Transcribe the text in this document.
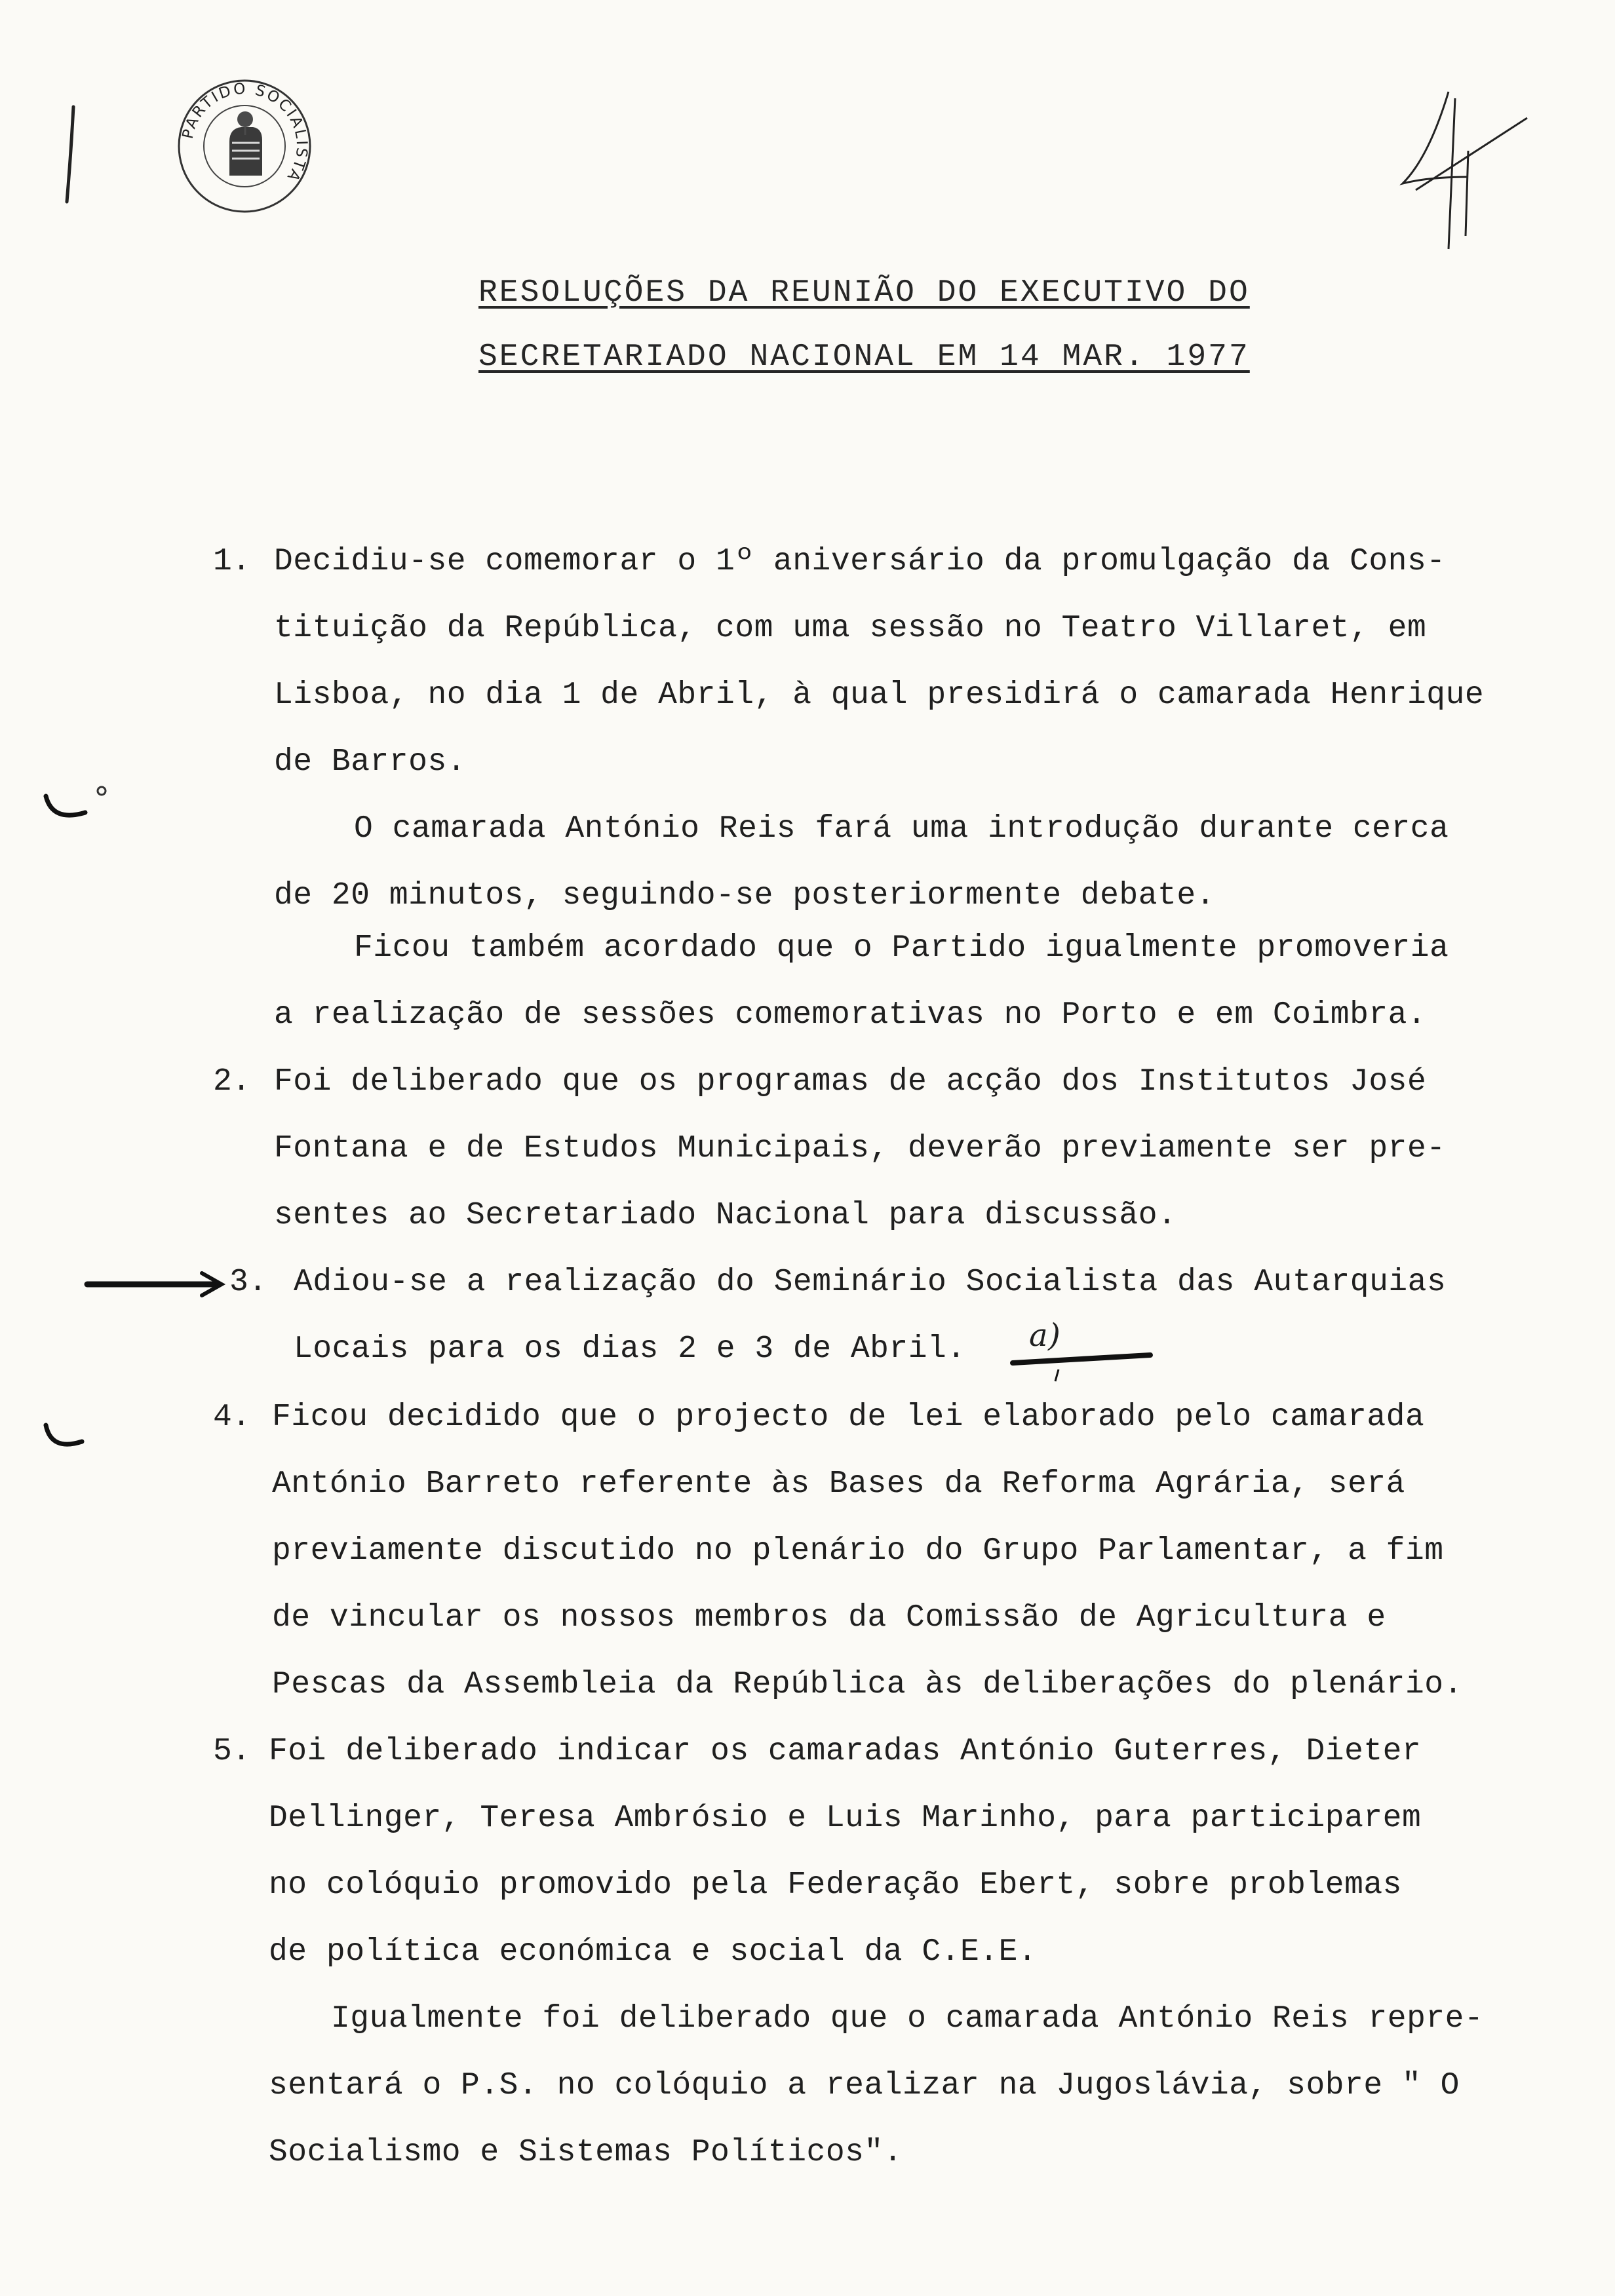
PARTIDO SOCIALISTA
RESOLUÇÕES DA REUNIÃO DO EXECUTIVO DO
SECRETARIADO NACIONAL EM 14 MAR. 1977
1. Decidiu-se comemorar o 1º aniversário da promulgação da Cons-
tituição da República, com uma sessão no Teatro Villaret, em
Lisboa, no dia 1 de Abril, à qual presidirá o camarada Henrique
de Barros.
O camarada António Reis fará uma introdução durante cerca
de 20 minutos, seguindo-se posteriormente debate.
Ficou também acordado que o Partido igualmente promoveria
a realização de sessões comemorativas no Porto e em Coimbra.
2. Foi deliberado que os programas de acção dos Institutos José
Fontana e de Estudos Municipais, deverão previamente ser pre-
sentes ao Secretariado Nacional para discussão.
3. Adiou-se a realização do Seminário Socialista das Autarquias
Locais para os dias 2 e 3 de Abril. a)
4. Ficou decidido que o projecto de lei elaborado pelo camarada
António Barreto referente às Bases da Reforma Agrária, será
previamente discutido no plenário do Grupo Parlamentar, a fim
de vincular os nossos membros da Comissão de Agricultura e
Pescas da Assembleia da República às deliberações do plenário.
5. Foi deliberado indicar os camaradas António Guterres, Dieter
Dellinger, Teresa Ambrósio e Luis Marinho, para participarem
no colóquio promovido pela Federação Ebert, sobre problemas
de política económica e social da C.E.E.
Igualmente foi deliberado que o camarada António Reis repre-
sentará o P.S. no colóquio a realizar na Jugoslávia, sobre " O
Socialismo e Sistemas Políticos".
